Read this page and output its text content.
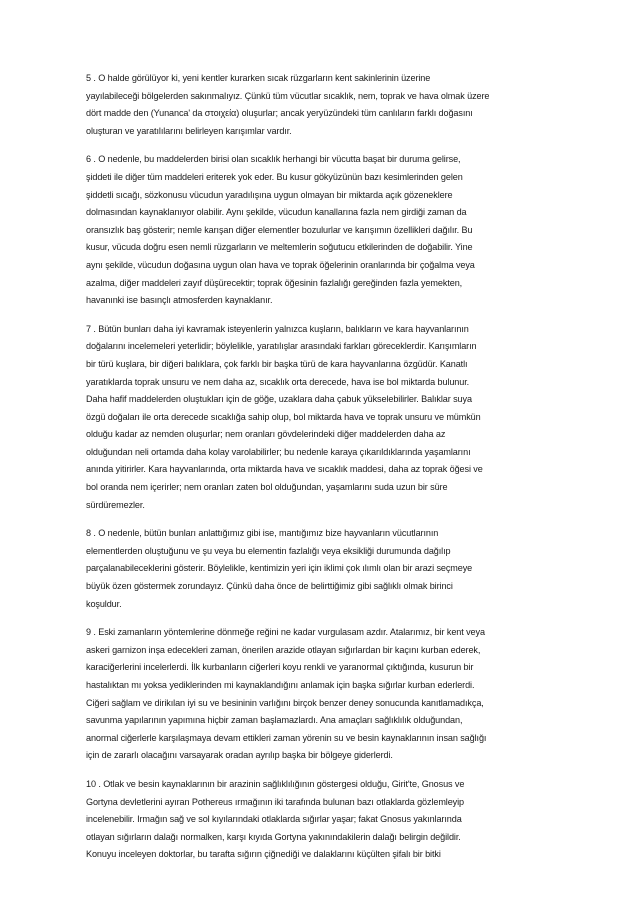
5 . O halde görülüyor ki, yeni kentler kurarken sıcak rüzgarların kent sakinlerinin üzerine
yayılabileceği bölgelerden sakınmalıyız. Çünkü tüm vücutlar sıcaklık, nem, toprak ve hava olmak üzere
dört madde den (Yunanca' da στοιχεία) oluşurlar; ancak yeryüzündeki tüm canlıların farklı doğasını
oluşturan ve yaratılılarını belirleyen karışımlar vardır.

6 . O nedenle, bu maddelerden birisi olan sıcaklık herhangi bir vücutta başat bir duruma gelirse,
şiddeti ile diğer tüm maddeleri eriterek yok eder. Bu kusur gökyüzünün bazı kesimlerinden gelen
şiddetli sıcağı, sözkonusu vücudun yaradılışına uygun olmayan bir miktarda açık gözeneklere
dolmasından kaynaklanıyor olabilir. Aynı şekilde, vücudun kanallarına fazla nem girdiği zaman da
oransızlık baş gösterir; nemle karışan diğer elementler bozulurlar ve karışımın özellikleri dağılır. Bu
kusur, vücuda doğru esen nemli rüzgarların ve meltemlerin soğutucu etkilerinden de doğabilir. Yine
aynı şekilde, vücudun doğasına uygun olan hava ve toprak öğelerinin oranlarında bir çoğalma veya
azalma, diğer maddeleri zayıf düşürecektir; toprak öğesinin fazlalığı gereğinden fazla yemekten,
havanınki ise basınçlı atmosferden kaynaklanır.

7 . Bütün bunları daha iyi kavramak isteyenlerin yalnızca kuşların, balıkların ve kara hayvanlarının
doğalarını incelemeleri yeterlidir; böylelikle, yaratılışlar arasındaki farkları göreceklerdir. Karışımların
bir türü kuşlara, bir diğeri balıklara, çok farklı bir başka türü de kara hayvanlarına özgüdür. Kanatlı
yaratıklarda toprak unsuru ve nem daha az, sıcaklık orta derecede, hava ise bol miktarda bulunur.
Daha hafif maddelerden oluştukları için de göğe, uzaklara daha çabuk yükselebilirler. Balıklar suya
özgü doğaları ile orta derecede sıcaklığa sahip olup, bol miktarda hava ve toprak unsuru ve mümkün
olduğu kadar az nemden oluşurlar; nem oranları gövdelerindeki diğer maddelerden daha az
olduğundan neli ortamda daha kolay varolabilirler; bu nedenle karaya çıkarıldıklarında yaşamlarını
anında yitirirler. Kara hayvanlarında, orta miktarda hava ve sıcaklık maddesi, daha az toprak öğesi ve
bol oranda nem içerirler; nem oranları zaten bol olduğundan, yaşamlarını suda uzun bir süre
sürdüremezler.

8 . O nedenle, bütün bunları anlattığımız gibi ise, mantığımız bize hayvanların vücutlarının
elementlerden oluştuğunu ve şu veya bu elementin fazlalığı veya eksikliği durumunda dağılıp
parçalanabileceklerini gösterir. Böylelikle, kentimizin yeri için iklimi çok ılımlı olan bir arazi seçmeye
büyük özen göstermek zorundayız. Çünkü daha önce de belirttiğimiz gibi sağlıklı olmak birinci
koşuldur.

9 . Eski zamanların yöntemlerine dönmeğe reğini ne kadar vurgulasam azdır. Atalarımız, bir kent veya
askeri garnizon inşa edecekleri zaman, önerilen arazide otlayan sığırlardan bir kaçını kurban ederek,
karaciğerlerini incelerlerdi. İlk kurbanların ciğerleri koyu renkli ve yaranormal çıktığında, kusurun bir
hastalıktan mı yoksa yediklerinden mi kaynaklandığını anlamak için başka sığırlar kurban ederlerdi.
Ciğeri sağlam ve dirikılan iyi su ve besininin varlığını birçok benzer deney sonucunda kanıtlamadıkça,
savunma yapılarının yapımına hiçbir zaman başlamazlardı. Ana amaçları sağlıklılık olduğundan,
anormal ciğerlerle karşılaşmaya devam ettikleri zaman yörenin su ve besin kaynaklarının insan sağlığı
için de zararlı olacağını varsayarak oradan ayrılıp başka bir bölgeye giderlerdi.

10 . Otlak ve besin kaynaklarının bir arazinin sağlıklılığının göstergesi olduğu, Girit'te, Gnosus ve
Gortyna devletlerini ayıran Pothereus ırmağının iki tarafında bulunan bazı otlaklarda gözlemleyip
incelenebilir. Irmağın sağ ve sol kıyılarındaki otlaklarda sığırlar yaşar; fakat Gnosus yakınlarında
otlayan sığırların dalağı normalken, karşı kıyıda Gortyna yakınındakilerin dalağı belirgin değildir.
Konuyu inceleyen doktorlar, bu tarafta sığırın çiğnediği ve dalaklarını küçülten şifalı bir bitki
